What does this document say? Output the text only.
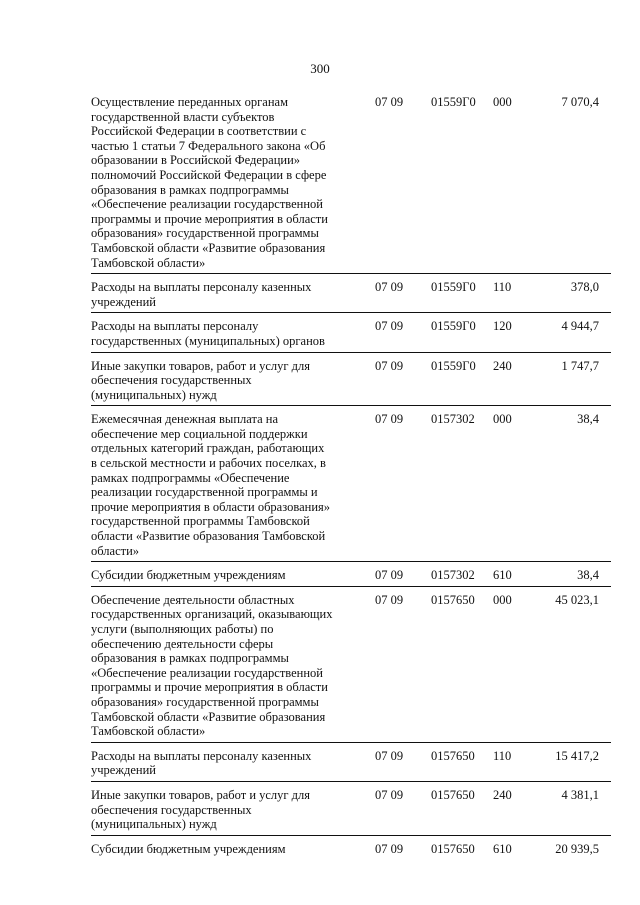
300
Осуществление переданных органам
государственной власти субъектов
Российской Федерации в соответствии с
частью 1 статьи 7 Федерального закона «Об
образовании в Российской Федерации»
полномочий Российской Федерации в сфере
образования в рамках подпрограммы
«Обеспечение реализации государственной
программы и прочие мероприятия в области
образования» государственной программы
Тамбовской области «Развитие образования
Тамбовской области»
07 09 01559Г0 000	7 070,4
Расходы на выплаты персоналу казенных
учреждений
07 09 01559Г0 110	378,0
Расходы на выплаты персоналу
государственных (муниципальных) органов
07 09 01559Г0 120	4 944,7
Иные закупки товаров, работ и услуг для
обеспечения государственных
(муниципальных) нужд
07 09 01559Г0 240	1 747,7
Ежемесячная денежная выплата на
обеспечение мер социальной поддержки
отдельных категорий граждан, работающих
в сельской местности и рабочих поселках, в
рамках подпрограммы «Обеспечение
реализации государственной программы и
прочие мероприятия в области образования»
государственной программы Тамбовской
области «Развитие образования Тамбовской
области»
07 09 0157302 000	38,4
Субсидии бюджетным учреждениям	07 09 0157302 610	38,4
Обеспечение деятельности областных
государственных организаций, оказывающих
услуги (выполняющих работы) по
обеспечению деятельности сферы
образования в рамках подпрограммы
«Обеспечение реализации государственной
программы и прочие мероприятия в области
образования» государственной программы
Тамбовской области «Развитие образования
Тамбовской области»
07 09 0157650 000	45 023,1
Расходы на выплаты персоналу казенных
учреждений
07 09 0157650 110	15 417,2
Иные закупки товаров, работ и услуг для
обеспечения государственных
(муниципальных) нужд
07 09 0157650 240	4 381,1
Субсидии бюджетным учреждениям	07 09 0157650 610	20 939,5
